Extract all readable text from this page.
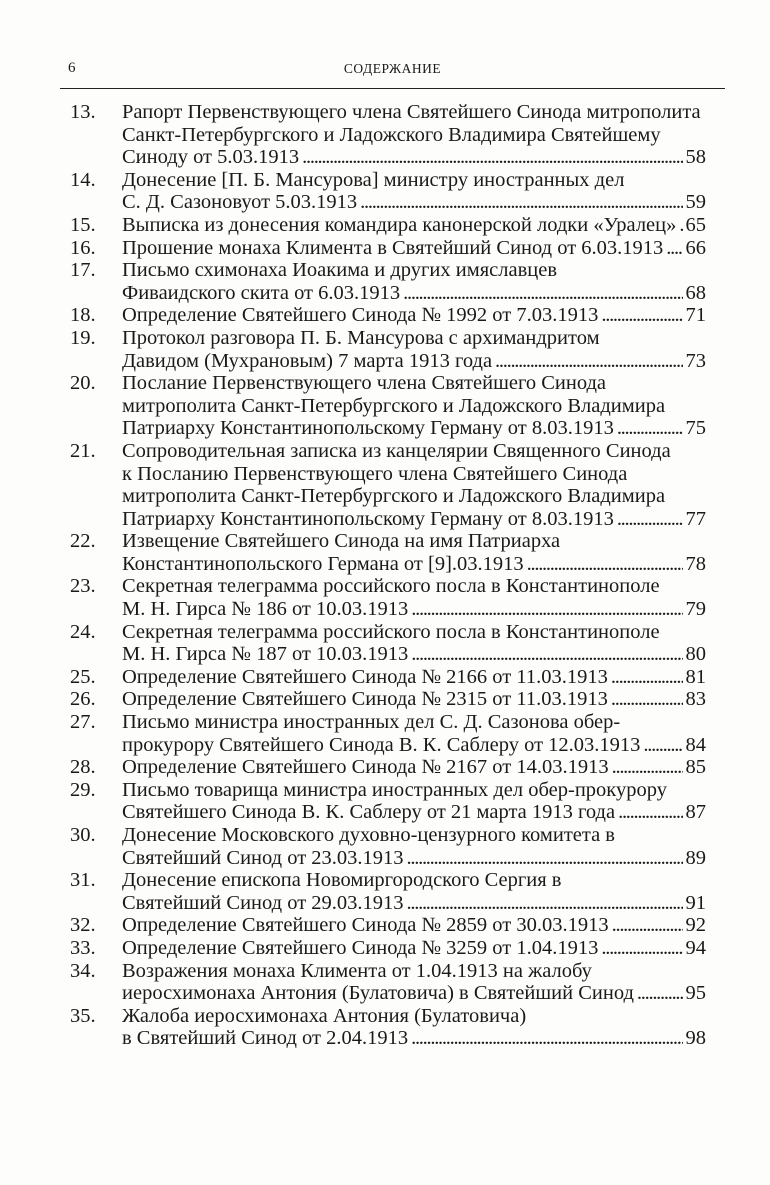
6	СОДЕРЖАНИЕ
13.	Рапорт Первенствующего члена Святейшего Синода митрополита
Санкт-Петербургского и Ладожского Владимира Святейшему
Синоду от 5.03.1913 . . .	58
14.	Донесение [П. Б. Мансурова] министру иностранных дел
С. Д. Сазоновуот 5.03.1913 . . .	59
15.	Выписка из донесения командира канонерской лодки «Уралец» . . . 65
16.	Прошение монаха Климента в Святейший Синод от 6.03.1913 . . . 66
17.	Письмо схимонаха Иоакима и других имяславцев
Фиваидского скита от 6.03.1913 . . .	68
18.	Определение Святейшего Синода № 1992 от 7.03.1913 . . .	71
19.	Протокол разговора П. Б. Мансурова с архимандритом
Давидом (Мухрановым) 7 марта 1913 года . . .	73
20.	Послание Первенствующего члена Святейшего Синода
митрополита Санкт-Петербургского и Ладожского Владимира
Патриарху Константинопольскому Герману от 8.03.1913 . . .	75
21.	Сопроводительная записка из канцелярии Священного Синода
к Посланию Первенствующего члена Святейшего Синода
митрополита Санкт-Петербургского и Ладожского Владимира
Патриарху Константинопольскому Герману от 8.03.1913 . . .	77
22.	Извещение Святейшего Синода на имя Патриарха
Константинопольского Германа от [9].03.1913 . . .	78
23.	Секретная телеграмма российского посла в Константинополе
М. Н. Гирса № 186 от 10.03.1913 . . .	79
24.	Секретная телеграмма российского посла в Константинополе
М. Н. Гирса № 187 от 10.03.1913 . . .	80
25.	Определение Святейшего Синода № 2166 от 11.03.1913 . . .	81
26.	Определение Святейшего Синода № 2315 от 11.03.1913 . . .	83
27.	Письмо министра иностранных дел С. Д. Сазонова обер-
прокурору Святейшего Синода В. К. Саблеру от 12.03.1913 . . . 84
28.	Определение Святейшего Синода № 2167 от 14.03.1913 . . .	85
29.	Письмо товарища министра иностранных дел обер-прокурору
Святейшего Синода В. К. Саблеру от 21 марта 1913 года . . .	87
30.	Донесение Московского духовно-цензурного комитета в
Святейший Синод от 23.03.1913 . . .	89
31.	Донесение епископа Новомиргородского Сергия в
Святейший Синод от 29.03.1913 . . .	91
32.	Определение Святейшего Синода № 2859 от 30.03.1913 . . .	92
33.	Определение Святейшего Синода № 3259 от 1.04.1913 . . .	94
34.	Возражения монаха Климента от 1.04.1913 на жалобу
иеросхимонаха Антония (Булатовича) в Святейший Синод . . .	95
35.	Жалоба иеросхимонаха Антония (Булатовича)
в Святейший Синод от 2.04.1913 . . .	98
